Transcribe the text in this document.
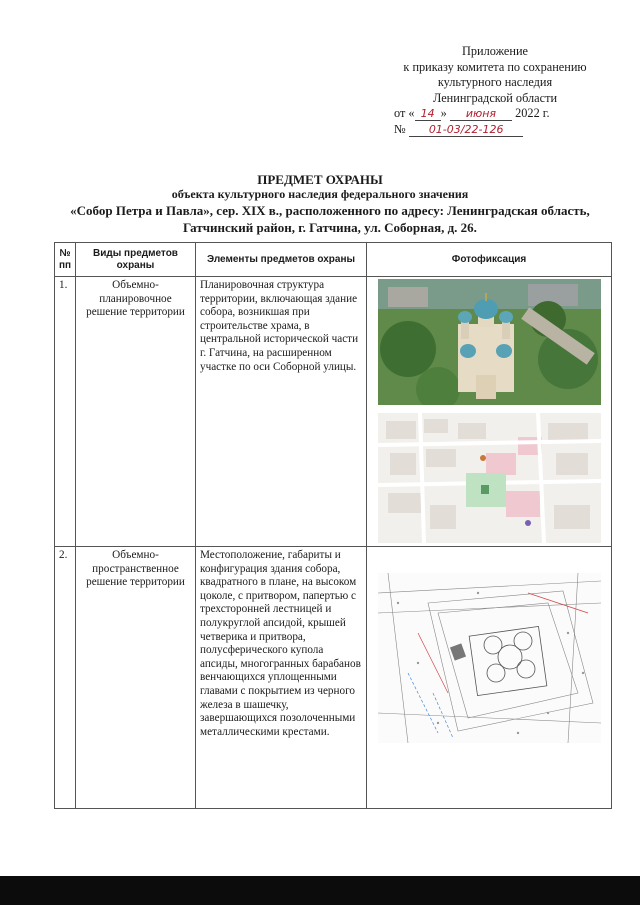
Приложение
к приказу комитета по сохранению
культурного наследия
Ленинградской области
от « 14 » июня 2022 г.
№ 01-03/22-126
ПРЕДМЕТ ОХРАНЫ
объекта культурного наследия федерального значения
«Собор Петра и Павла», сер. XIX в., расположенного по адресу: Ленинградская область, Гатчинский район, г. Гатчина, ул. Соборная, д. 26.
№ пп	Виды предметов охраны	Элементы предметов охраны	Фотофиксация
1.	Объемно-планировочное решение территории	Планировочная структура территории, включающая здание собора, возникшая при строительстве храма, в центральной исторической части г. Гатчина, на расширенном участке по оси Соборной улицы.	

2.	Объемно-пространственное решение территории	Местоположение, габариты и конфигурация здания собора, квадратного в плане, на высоком цоколе, с притвором, папертью с трехсторонней лестницей и полукруглой апсидой, крышей четверика и притвора, полусферического купола апсиды, многогранных барабанов венчающихся уплощенными главами с покрытием из черного железа в шашечку, завершающихся позолоченными металлическими крестами.	
